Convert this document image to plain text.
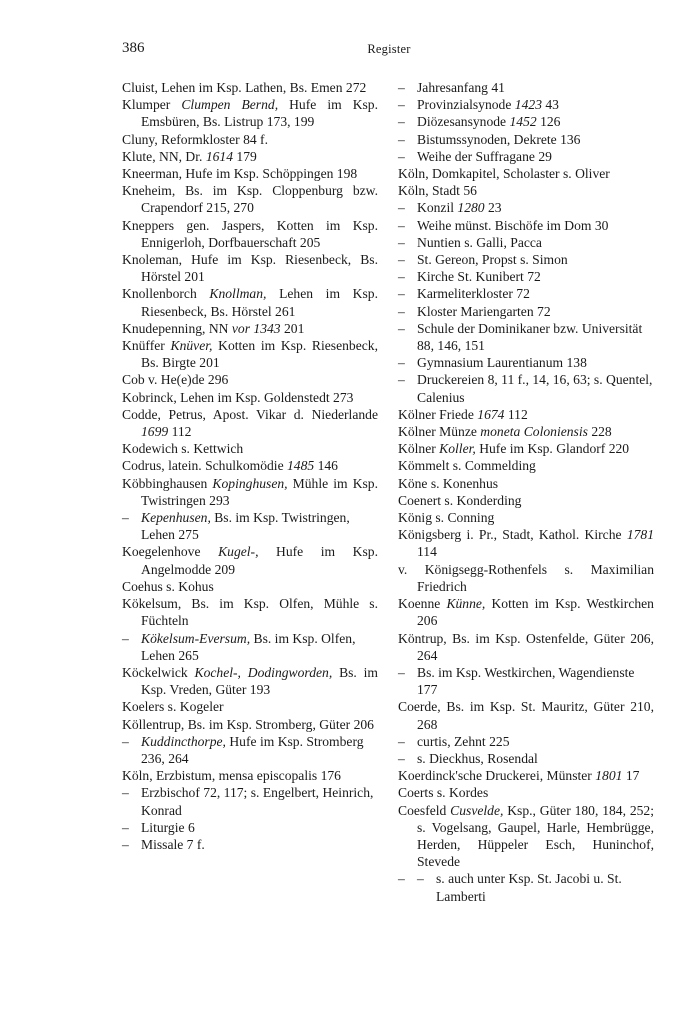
386	Register
Cluist, Lehen im Ksp. Lathen, Bs. Emen 272
Klumper Clumpen Bernd, Hufe im Ksp. Emsbüren, Bs. Listrup 173, 199
Cluny, Reformkloster 84 f.
Klute, NN, Dr. 1614 179
Kneerman, Hufe im Ksp. Schöppingen 198
Kneheim, Bs. im Ksp. Cloppenburg bzw. Crapendorf 215, 270
Kneppers gen. Jaspers, Kotten im Ksp. Ennigerloh, Dorfbauerschaft 205
Knoleman, Hufe im Ksp. Riesenbeck, Bs. Hörstel 201
Knollenborch Knollman, Lehen im Ksp. Riesenbeck, Bs. Hörstel 261
Knudepenning, NN vor 1343 201
Knüffer Knüver, Kotten im Ksp. Riesenbeck, Bs. Birgte 201
Cob v. He(e)de 296
Kobrinck, Lehen im Ksp. Goldenstedt 273
Codde, Petrus, Apost. Vikar d. Niederlande 1699 112
Kodewich s. Kettwich
Codrus, latein. Schulkomödie 1485 146
Köbbinghausen Kopinghusen, Mühle im Ksp. Twistringen 293
– Kepenhusen, Bs. im Ksp. Twistringen, Lehen 275
Koegelenhove Kugel-, Hufe im Ksp. Angelmodde 209
Coehus s. Kohus
Kökelsum, Bs. im Ksp. Olfen, Mühle s. Füchteln
– Kökelsum-Eversum, Bs. im Ksp. Olfen, Lehen 265
Köckelwick Kochel-, Dodingworden, Bs. im Ksp. Vreden, Güter 193
Koelers s. Kogeler
Köllentrup, Bs. im Ksp. Stromberg, Güter 206
– Kuddincthorpe, Hufe im Ksp. Stromberg 236, 264
Köln, Erzbistum, mensa episcopalis 176
– Erzbischof 72, 117; s. Engelbert, Heinrich, Konrad
– Liturgie 6
– Missale 7 f.
– Jahresanfang 41
– Provinzialsynode 1423 43
– Diözesansynode 1452 126
– Bistumssynoden, Dekrete 136
– Weihe der Suffragane 29
Köln, Domkapitel, Scholaster s. Oliver
Köln, Stadt 56
– Konzil 1280 23
– Weihe münst. Bischöfe im Dom 30
– Nuntien s. Galli, Pacca
– St. Gereon, Propst s. Simon
– Kirche St. Kunibert 72
– Karmeliterkloster 72
– Kloster Mariengarten 72
– Schule der Dominikaner bzw. Universität 88, 146, 151
– Gymnasium Laurentianum 138
– Druckereien 8, 11 f., 14, 16, 63; s. Quentel, Calenius
Kölner Friede 1674 112
Kölner Münze moneta Coloniensis 228
Kölner Koller, Hufe im Ksp. Glandorf 220
Kömmelt s. Commelding
Köne s. Konenhus
Coenert s. Konderding
König s. Conning
Königsberg i. Pr., Stadt, Kathol. Kirche 1781 114
v. Königsegg-Rothenfels s. Maximilian Friedrich
Koenne Künne, Kotten im Ksp. Westkirchen 206
Köntrup, Bs. im Ksp. Ostenfelde, Güter 206, 264
– Bs. im Ksp. Westkirchen, Wagendienste 177
Coerde, Bs. im Ksp. St. Mauritz, Güter 210, 268
– curtis, Zehnt 225
– s. Dieckhus, Rosendal
Koerdinck'sche Druckerei, Münster 1801 17
Coerts s. Kordes
Coesfeld Cusvelde, Ksp., Güter 180, 184, 252; s. Vogelsang, Gaupel, Harle, Hembrügge, Herden, Hüppeler Esch, Huninchof, Stevede
– – s. auch unter Ksp. St. Jacobi u. St. Lamberti
